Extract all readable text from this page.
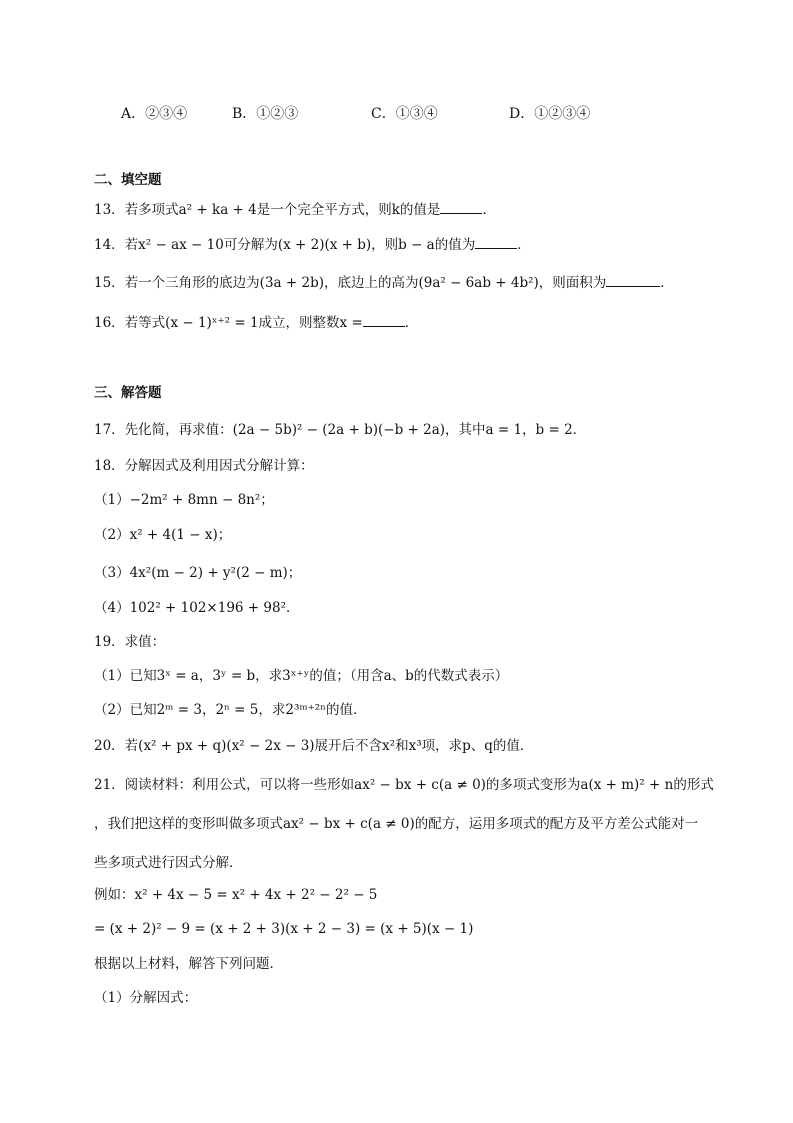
A．②③④	B．①②③	C．①③④	D．①②③④
二、填空题
13．若多项式a² + ka + 4是一个完全平方式，则k的值是	．
14．若x² − ax − 10可分解为(x + 2)(x + b)，则b − a的值为	．
15．若一个三角形的底边为(3a + 2b)，底边上的高为(9a² − 6ab + 4b²)，则面积为	．
16．若等式(x − 1)ˣ⁺² = 1成立，则整数x =	．
三、解答题
17．先化简，再求值：(2a − 5b)² − (2a + b)(−b + 2a)，其中a = 1，b = 2．
18．分解因式及利用因式分解计算：
（1）−2m² + 8mn − 8n²；
（2）x² + 4(1 − x)；
（3）4x²(m − 2) + y²(2 − m)；
（4）102² + 102×196 + 98²．
19．求值：
（1）已知3ˣ = a，3ʸ = b，求3ˣ⁺ʸ的值；（用含a、b的代数式表示）
（2）已知2ᵐ = 3，2ⁿ = 5，求2³ᵐ⁺²ⁿ的值．
20．若(x² + px + q)(x² − 2x − 3)展开后不含x²和x³项，求p、q的值．
21．阅读材料：利用公式，可以将一些形如ax² − bx + c(a ≠ 0)的多项式变形为a(x + m)² + n的形式
，我们把这样的变形叫做多项式ax² − bx + c(a ≠ 0)的配方，运用多项式的配方及平方差公式能对一
些多项式进行因式分解．
例如：x² + 4x − 5 = x² + 4x + 2² − 2² − 5
= (x + 2)² − 9 = (x + 2 + 3)(x + 2 − 3) = (x + 5)(x − 1)
根据以上材料，解答下列问题．
（1）分解因式：
